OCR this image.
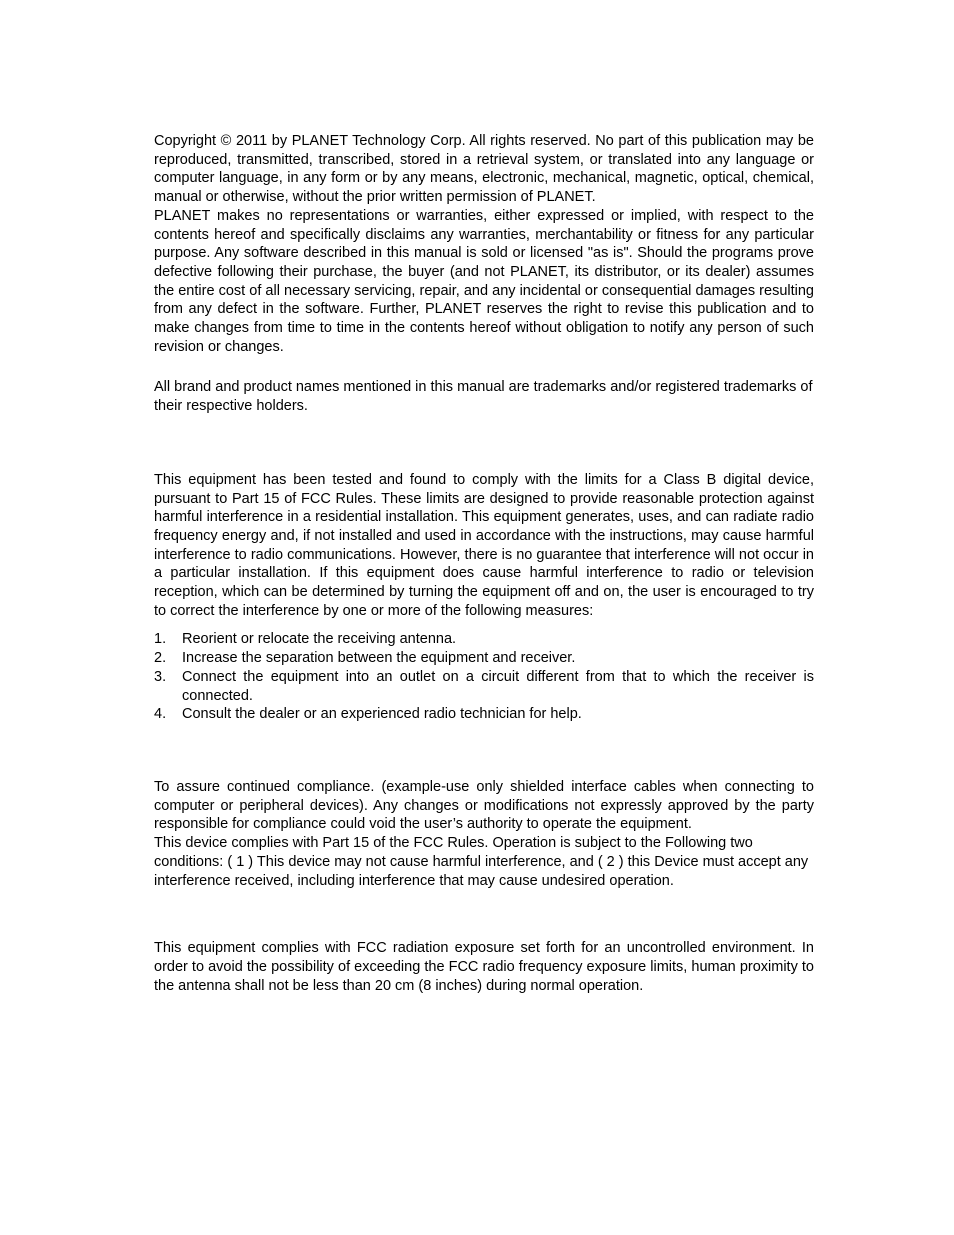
Copyright © 2011 by PLANET Technology Corp. All rights reserved. No part of this publication may be reproduced, transmitted, transcribed, stored in a retrieval system, or translated into any language or computer language, in any form or by any means, electronic, mechanical, magnetic, optical, chemical, manual or otherwise, without the prior written permission of PLANET.

PLANET makes no representations or warranties, either expressed or implied, with respect to the contents hereof and specifically disclaims any warranties, merchantability or fitness for any particular purpose. Any software described in this manual is sold or licensed "as is". Should the programs prove defective following their purchase, the buyer (and not PLANET, its distributor, or its dealer) assumes the entire cost of all necessary servicing, repair, and any incidental or consequential damages resulting from any defect in the software. Further, PLANET reserves the right to revise this publication and to make changes from time to time in the contents hereof without obligation to notify any person of such revision or changes.

All brand and product names mentioned in this manual are trademarks and/or registered trademarks of their respective holders.

This equipment has been tested and found to comply with the limits for a Class B digital device, pursuant to Part 15 of FCC Rules. These limits are designed to provide reasonable protection against harmful interference in a residential installation. This equipment generates, uses, and can radiate radio frequency energy and, if not installed and used in accordance with the instructions, may cause harmful interference to radio communications. However, there is no guarantee that interference will not occur in a particular installation. If this equipment does cause harmful interference to radio or television reception, which can be determined by turning the equipment off and on, the user is encouraged to try to correct the interference by one or more of the following measures:

1.	Reorient or relocate the receiving antenna.
2.	Increase the separation between the equipment and receiver.
3.	Connect the equipment into an outlet on a circuit different from that to which the receiver is connected.
4.	Consult the dealer or an experienced radio technician for help.

To assure continued compliance. (example-use only shielded interface cables when connecting to computer or peripheral devices). Any changes or modifications not expressly approved by the party responsible for compliance could void the user’s authority to operate the equipment.

This device complies with Part 15 of the FCC Rules. Operation is subject to the Following two conditions: ( 1 ) This device may not cause harmful interference, and ( 2 ) this Device must accept any interference received, including interference that may cause undesired operation.

This equipment complies with FCC radiation exposure set forth for an uncontrolled environment. In order to avoid the possibility of exceeding the FCC radio frequency exposure limits, human proximity to the antenna shall not be less than 20 cm (8 inches) during normal operation.
